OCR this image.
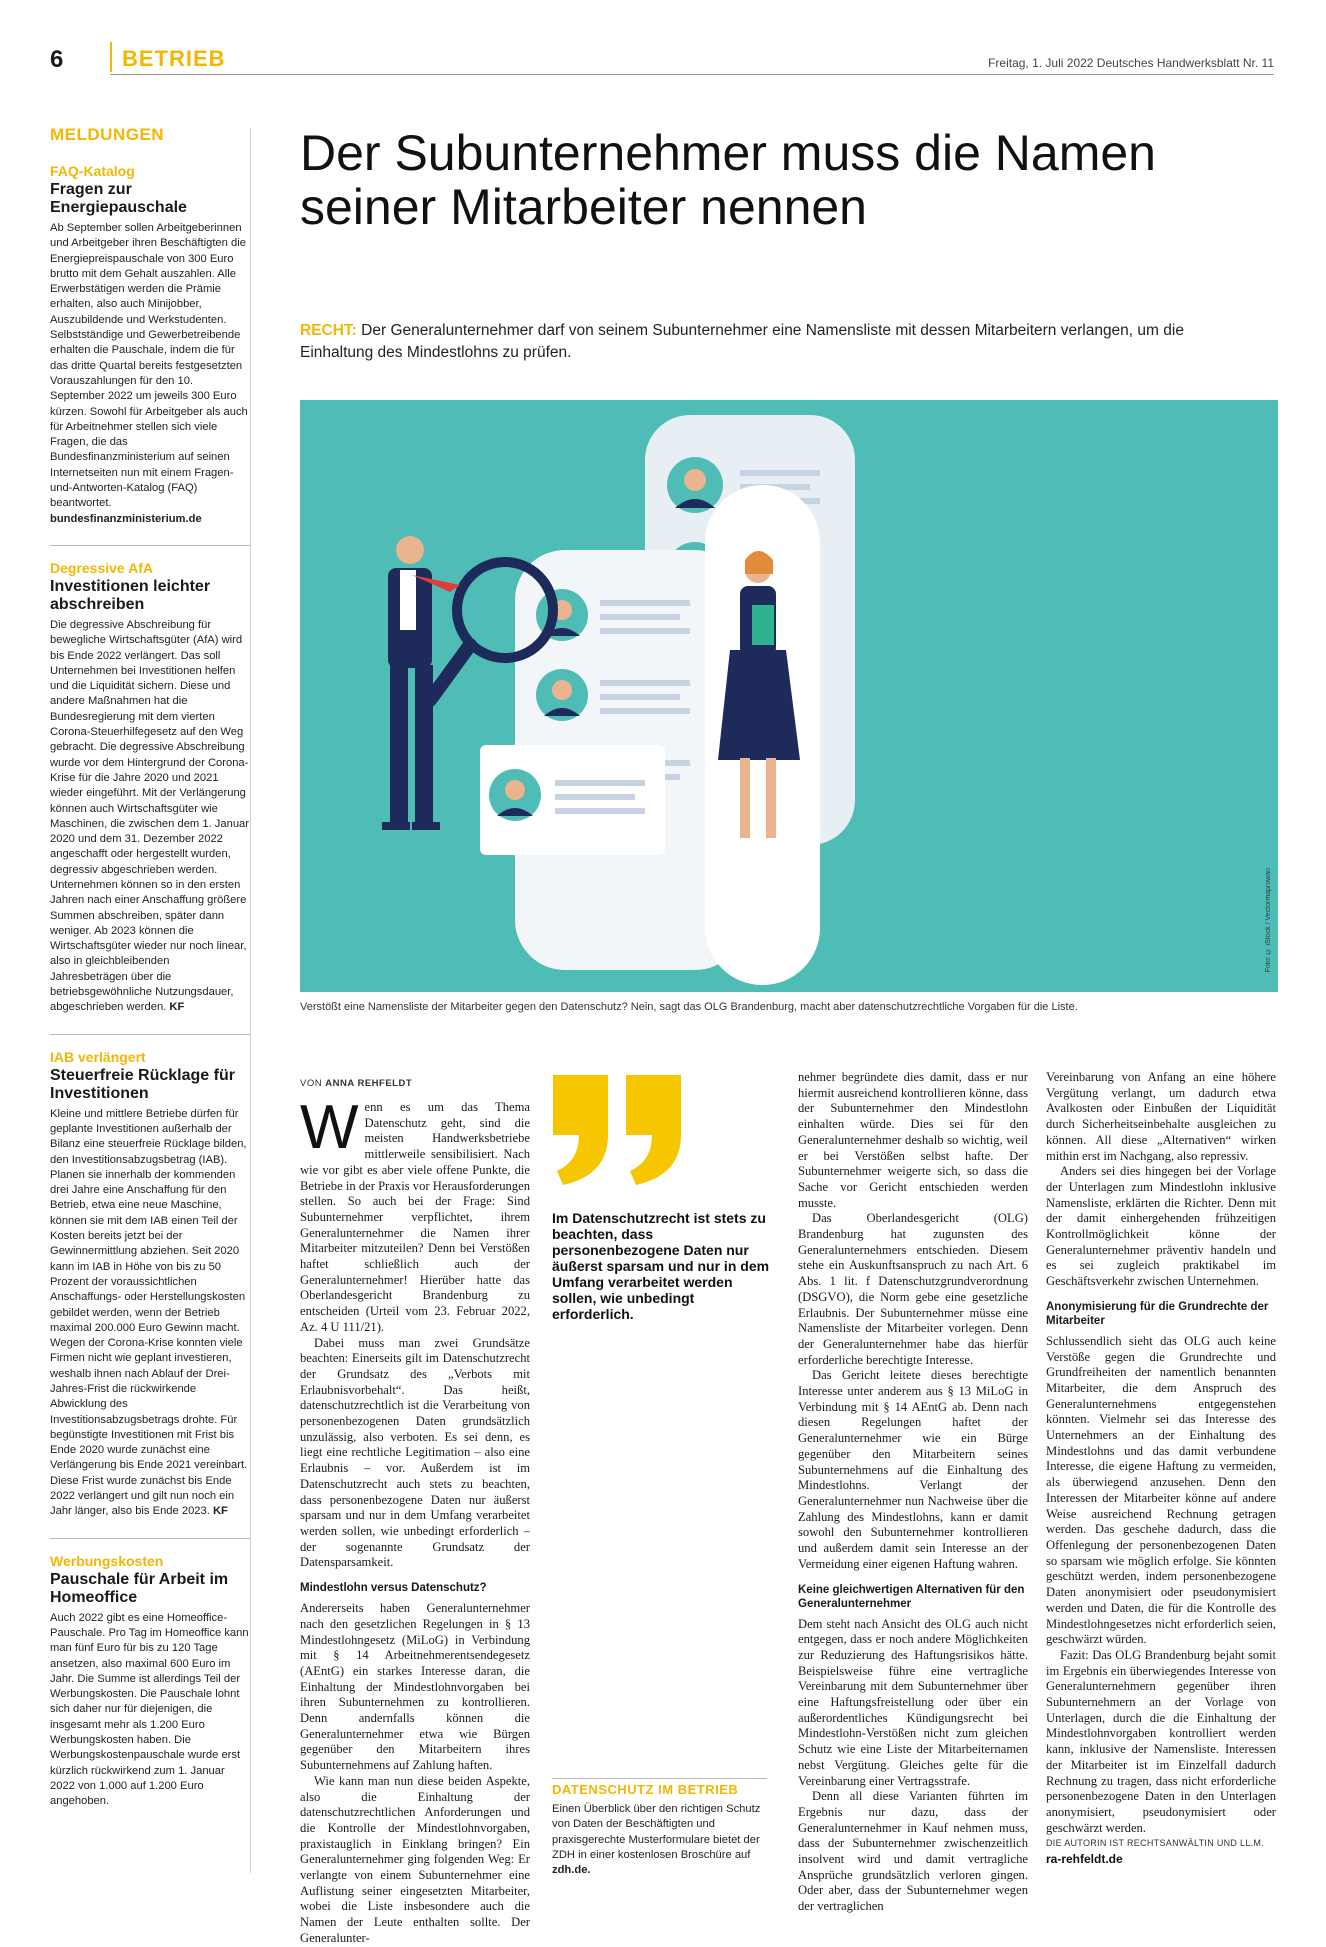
6	BETRIEB	Freitag, 1. Juli 2022 Deutsches Handwerksblatt Nr. 11
MELDUNGEN
FAQ-Katalog
Fragen zur Energiepauschale
Ab September sollen Arbeitgeberinnen und Arbeitgeber ihren Beschäftigten die Energiepreispauschale von 300 Euro brutto mit dem Gehalt auszahlen. Alle Erwerbstätigen werden die Prämie erhalten, also auch Minijobber, Auszubildende und Werkstudenten. Selbstständige und Gewerbetreibende erhalten die Pauschale, indem die für das dritte Quartal bereits festgesetzten Vorauszahlungen für den 10. September 2022 um jeweils 300 Euro kürzen. Sowohl für Arbeitgeber als auch für Arbeitnehmer stellen sich viele Fragen, die das Bundesfinanzministerium auf seinen Internetseiten nun mit einem Fragen-und-Antworten-Katalog (FAQ) beantwortet. bundesfinanzministerium.de
Degressive AfA
Investitionen leichter abschreiben
Die degressive Abschreibung für bewegliche Wirtschaftsgüter (AfA) wird bis Ende 2022 verlängert. Das soll Unternehmen bei Investitionen helfen und die Liquidität sichern. Diese und andere Maßnahmen hat die Bundesregierung mit dem vierten Corona-Steuerhilfegesetz auf den Weg gebracht. Die degressive Abschreibung wurde vor dem Hintergrund der Corona-Krise für die Jahre 2020 und 2021 wieder eingeführt. Mit der Verlängerung können auch Wirtschaftsgüter wie Maschinen, die zwischen dem 1. Januar 2020 und dem 31. Dezember 2022 angeschafft oder hergestellt wurden, degressiv abgeschrieben werden. Unternehmen können so in den ersten Jahren nach einer Anschaffung größere Summen abschreiben, später dann weniger. Ab 2023 können die Wirtschaftsgüter wieder nur noch linear, also in gleichbleibenden Jahresbeträgen über die betriebsgewöhnliche Nutzungsdauer, abgeschrieben werden. KF
IAB verlängert
Steuerfreie Rücklage für Investitionen
Kleine und mittlere Betriebe dürfen für geplante Investitionen außerhalb der Bilanz eine steuerfreie Rücklage bilden, den Investitionsabzugsbetrag (IAB). Planen sie innerhalb der kommenden drei Jahre eine Anschaffung für den Betrieb, etwa eine neue Maschine, können sie mit dem IAB einen Teil der Kosten bereits jetzt bei der Gewinnermittlung abziehen. Seit 2020 kann im IAB in Höhe von bis zu 50 Prozent der voraussichtlichen Anschaffungs- oder Herstellungskosten gebildet werden, wenn der Betrieb maximal 200.000 Euro Gewinn macht. Wegen der Corona-Krise konnten viele Firmen nicht wie geplant investieren, weshalb ihnen nach Ablauf der Drei-Jahres-Frist die rückwirkende Abwicklung des Investitionsabzugsbetrags drohte. Für begünstigte Investitionen mit Frist bis Ende 2020 wurde zunächst eine Verlängerung bis Ende 2021 vereinbart. Diese Frist wurde zunächst bis Ende 2022 verlängert und gilt nun noch ein Jahr länger, also bis Ende 2023. KF
Werbungskosten
Pauschale für Arbeit im Homeoffice
Auch 2022 gibt es eine Homeoffice-Pauschale. Pro Tag im Homeoffice kann man fünf Euro für bis zu 120 Tage ansetzen, also maximal 600 Euro im Jahr. Die Summe ist allerdings Teil der Werbungskosten. Die Pauschale lohnt sich daher nur für diejenigen, die insgesamt mehr als 1.200 Euro Werbungskosten haben. Die Werbungskostenpauschale wurde erst kürzlich rückwirkend zum 1. Januar 2022 von 1.000 auf 1.200 Euro angehoben.
Der Subunternehmer muss die Namen seiner Mitarbeiter nennen
RECHT: Der Generalunternehmer darf von seinem Subunternehmer eine Namensliste mit dessen Mitarbeitern verlangen, um die Einhaltung des Mindestlohns zu prüfen.
Foto: © iStock / Vectormaprowan
Verstößt eine Namensliste der Mitarbeiter gegen den Datenschutz? Nein, sagt das OLG Brandenburg, macht aber datenschutzrechtliche Vorgaben für die Liste.
VON ANNA REHFELDT

Wenn es um das Thema Datenschutz geht, sind die meisten Handwerksbetriebe mittlerweile sensibilisiert. Nach wie vor gibt es aber viele offene Punkte, die Betriebe in der Praxis vor Herausforderungen stellen. So auch bei der Frage: Sind Subunternehmer verpflichtet, ihrem Generalunternehmer die Namen ihrer Mitarbeiter mitzuteilen? Denn bei Verstößen haftet schließlich auch der Generalunternehmer! Hierüber hatte das Oberlandesgericht Brandenburg zu entscheiden (Urteil vom 23. Februar 2022, Az. 4 U 111/21).

Dabei muss man zwei Grundsätze beachten: Einerseits gilt im Datenschutzrecht der Grundsatz des „Verbots mit Erlaubnisvorbehalt“. Das heißt, datenschutzrechtlich ist die Verarbeitung von personenbezogenen Daten grundsätzlich unzulässig, also verboten. Es sei denn, es liegt eine rechtliche Legitimation – also eine Erlaubnis – vor. Außerdem ist im Datenschutzrecht auch stets zu beachten, dass personenbezogene Daten nur äußerst sparsam und nur in dem Umfang verarbeitet werden sollen, wie unbedingt erforderlich – der sogenannte Grundsatz der Datensparsamkeit.

Mindestlohn versus Datenschutz?

Andererseits haben Generalunternehmer nach den gesetzlichen Regelungen in § 13 Mindestlohngesetz (MiLoG) in Verbindung mit § 14 Arbeitnehmerentsendegesetz (AEntG) ein starkes Interesse daran, die Einhaltung der Mindestlohnvorgaben bei ihren Subunternehmen zu kontrollieren. Denn andernfalls können die Generalunternehmer etwa wie Bürgen gegenüber den Mitarbeitern ihres Subunternehmens auf Zahlung haften.

Wie kann man nun diese beiden Aspekte, also die Einhaltung der datenschutzrechtlichen Anforderungen und die Kontrolle der Mindestlohnvorgaben, praxistauglich in Einklang bringen? Ein Generalunternehmer ging folgenden Weg: Er verlangte von einem Subunternehmer eine Auflistung seiner eingesetzten Mitarbeiter, wobei die Liste insbesondere auch die Namen der Leute enthalten sollte. Der Generalunter-

Im Datenschutzrecht ist stets zu beachten, dass personenbezogene Daten nur äußerst sparsam und nur in dem Umfang verarbeitet werden sollen, wie unbedingt erforderlich.
DATENSCHUTZ IM BETRIEB
Einen Überblick über den richtigen Schutz von Daten der Beschäftigten und praxisgerechte Musterformulare bietet der ZDH in einer kostenlosen Broschüre auf zdh.de.

nehmer begründete dies damit, dass er nur hiermit ausreichend kontrollieren könne, dass der Subunternehmer den Mindestlohn einhalten würde. Dies sei für den Generalunternehmer deshalb so wichtig, weil er bei Verstößen selbst hafte. Der Subunternehmer weigerte sich, so dass die Sache vor Gericht entschieden werden musste.

Das Oberlandesgericht (OLG) Brandenburg hat zugunsten des Generalunternehmers entschieden. Diesem stehe ein Auskunftsanspruch zu nach Art. 6 Abs. 1 lit. f Datenschutzgrundverordnung (DSGVO), die Norm gebe eine gesetzliche Erlaubnis. Der Subunternehmer müsse eine Namensliste der Mitarbeiter vorlegen. Denn der Generalunternehmer habe das hierfür erforderliche berechtigte Interesse.

Das Gericht leitete dieses berechtigte Interesse unter anderem aus § 13 MiLoG in Verbindung mit § 14 AEntG ab. Denn nach diesen Regelungen haftet der Generalunternehmer wie ein Bürge gegenüber den Mitarbeitern seines Subunternehmens auf die Einhaltung des Mindestlohns. Verlangt der Generalunternehmer nun Nachweise über die Zahlung des Mindestlohns, kann er damit sowohl den Subunternehmer kontrollieren und außerdem damit sein Interesse an der Vermeidung einer eigenen Haftung wahren.

Keine gleichwertigen Alternativen für den Generalunternehmer

Dem steht nach Ansicht des OLG auch nicht entgegen, dass er noch andere Möglichkeiten zur Reduzierung des Haftungsrisikos hätte. Beispielsweise führe eine vertragliche Vereinbarung mit dem Subunternehmer über eine Haftungsfreistellung oder über ein außerordentliches Kündigungsrecht bei Mindestlohn-Verstößen nicht zum gleichen Schutz wie eine Liste der Mitarbeiternamen nebst Vergütung. Gleiches gelte für die Vereinbarung einer Vertragsstrafe.

Denn all diese Varianten führten im Ergebnis nur dazu, dass der Generalunternehmer in Kauf nehmen muss, dass der Subunternehmer zwischenzeitlich insolvent wird und damit vertragliche Ansprüche grundsätzlich verloren gingen. Oder aber, dass der Subunternehmer wegen der vertraglichen

Vereinbarung von Anfang an eine höhere Vergütung verlangt, um dadurch etwa Avalkosten oder Einbußen der Liquidität durch Sicherheitseinbehalte ausgleichen zu können. All diese „Alternativen“ wirken mithin erst im Nachgang, also repressiv.

Anders sei dies hingegen bei der Vorlage der Unterlagen zum Mindestlohn inklusive Namensliste, erklärten die Richter. Denn mit der damit einhergehenden frühzeitigen Kontrollmöglichkeit könne der Generalunternehmer präventiv handeln und es sei zugleich praktikabel im Geschäftsverkehr zwischen Unternehmen.

Anonymisierung für die Grundrechte der Mitarbeiter

Schlussendlich sieht das OLG auch keine Verstöße gegen die Grundrechte und Grundfreiheiten der namentlich benannten Mitarbeiter, die dem Anspruch des Generalunternehmens entgegenstehen könnten. Vielmehr sei das Interesse des Unternehmers an der Einhaltung des Mindestlohns und das damit verbundene Interesse, die eigene Haftung zu vermeiden, als überwiegend anzusehen. Denn den Interessen der Mitarbeiter könne auf andere Weise ausreichend Rechnung getragen werden. Das geschehe dadurch, dass die Offenlegung der personenbezogenen Daten so sparsam wie möglich erfolge. Sie könnten geschützt werden, indem personenbezogene Daten anonymisiert oder pseudonymisiert werden und Daten, die für die Kontrolle des Mindestlohngesetzes nicht erforderlich seien, geschwärzt würden.

Fazit: Das OLG Brandenburg bejaht somit im Ergebnis ein überwiegendes Interesse von Generalunternehmern gegenüber ihren Subunternehmern an der Vorlage von Unterlagen, durch die die Einhaltung der Mindestlohnvorgaben kontrolliert werden kann, inklusive der Namensliste. Interessen der Mitarbeiter ist im Einzelfall dadurch Rechnung zu tragen, dass nicht erforderliche personenbezogene Daten in den Unterlagen anonymisiert, pseudonymisiert oder geschwärzt werden.

DIE AUTORIN IST RECHTSANWÄLTIN UND LL.M.
ra-rehfeldt.de
